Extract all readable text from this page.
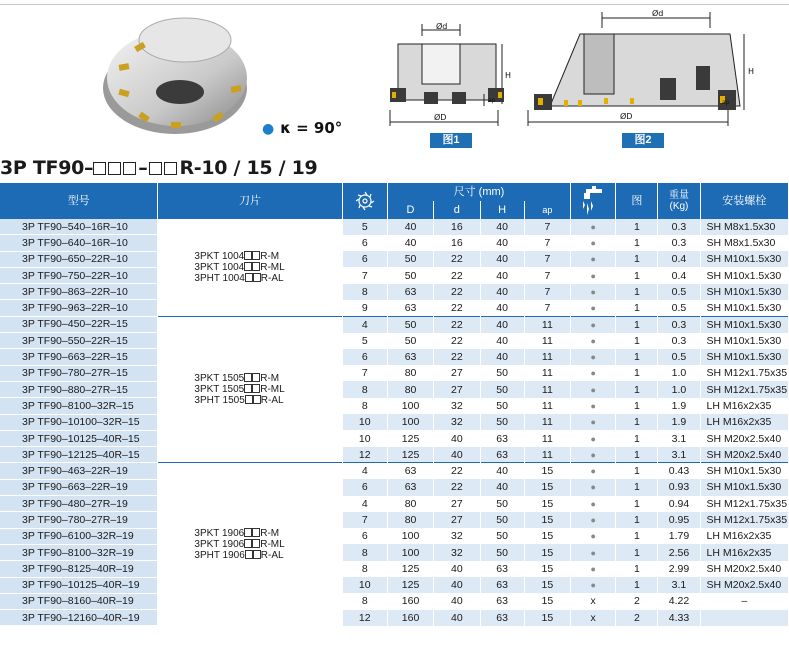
● κ = 90°
Ød
H
ap
ØD
图1
Ød
H
ap
ØD
图2
3P TF90– – R-10 / 15 / 19
型号	刀片		尺寸 (mm)					图	重量
(Kg)	安装螺栓
			D	d	H	ap				
3P TF90–540–16R–10	3PKT 1004 R-M
3PKT 1004 R-ML
3PHT 1004 R-AL	5	40	16	40	7	●	1	0.3	SH M8x1.5x30
3P TF90–640–16R–10		6	40	16	40	7	●	1	0.3	SH M8x1.5x30
3P TF90–650–22R–10		6	50	22	40	7	●	1	0.4	SH M10x1.5x30
3P TF90–750–22R–10		7	50	22	40	7	●	1	0.4	SH M10x1.5x30
3P TF90–863–22R–10		8	63	22	40	7	●	1	0.5	SH M10x1.5x30
3P TF90–963–22R–10		9	63	22	40	7	●	1	0.5	SH M10x1.5x30
3P TF90–450–22R–15	3PKT 1505 R-M
3PKT 1505 R-ML
3PHT 1505 R-AL	4	50	22	40	11	●	1	0.3	SH M10x1.5x30
3P TF90–550–22R–15		5	50	22	40	11	●	1	0.3	SH M10x1.5x30
3P TF90–663–22R–15		6	63	22	40	11	●	1	0.5	SH M10x1.5x30
3P TF90–780–27R–15		7	80	27	50	11	●	1	1.0	SH M12x1.75x35
3P TF90–880–27R–15		8	80	27	50	11	●	1	1.0	SH M12x1.75x35
3P TF90–8100–32R–15		8	100	32	50	11	●	1	1.9	LH M16x2x35
3P TF90–10100–32R–15		10	100	32	50	11	●	1	1.9	LH M16x2x35
3P TF90–10125–40R–15		10	125	40	63	11	●	1	3.1	SH M20x2.5x40
3P TF90–12125–40R–15		12	125	40	63	11	●	1	3.1	SH M20x2.5x40
3P TF90–463–22R–19	3PKT 1906 R-M
3PKT 1906 R-ML
3PHT 1906 R-AL	4	63	22	40	15	●	1	0.43	SH M10x1.5x30
3P TF90–663–22R–19		6	63	22	40	15	●	1	0.93	SH M10x1.5x30
3P TF90–480–27R–19		4	80	27	50	15	●	1	0.94	SH M12x1.75x35
3P TF90–780–27R–19		7	80	27	50	15	●	1	0.95	SH M12x1.75x35
3P TF90–6100–32R–19		6	100	32	50	15	●	1	1.79	LH M16x2x35
3P TF90–8100–32R–19		8	100	32	50	15	●	1	2.56	LH M16x2x35
3P TF90–8125–40R–19		8	125	40	63	15	●	1	2.99	SH M20x2.5x40
3P TF90–10125–40R–19		10	125	40	63	15	●	1	3.1	SH M20x2.5x40
3P TF90–8160–40R–19		8	160	40	63	15	x	2	4.22	–
3P TF90–12160–40R–19		12	160	40	63	15	x	2	4.33	
